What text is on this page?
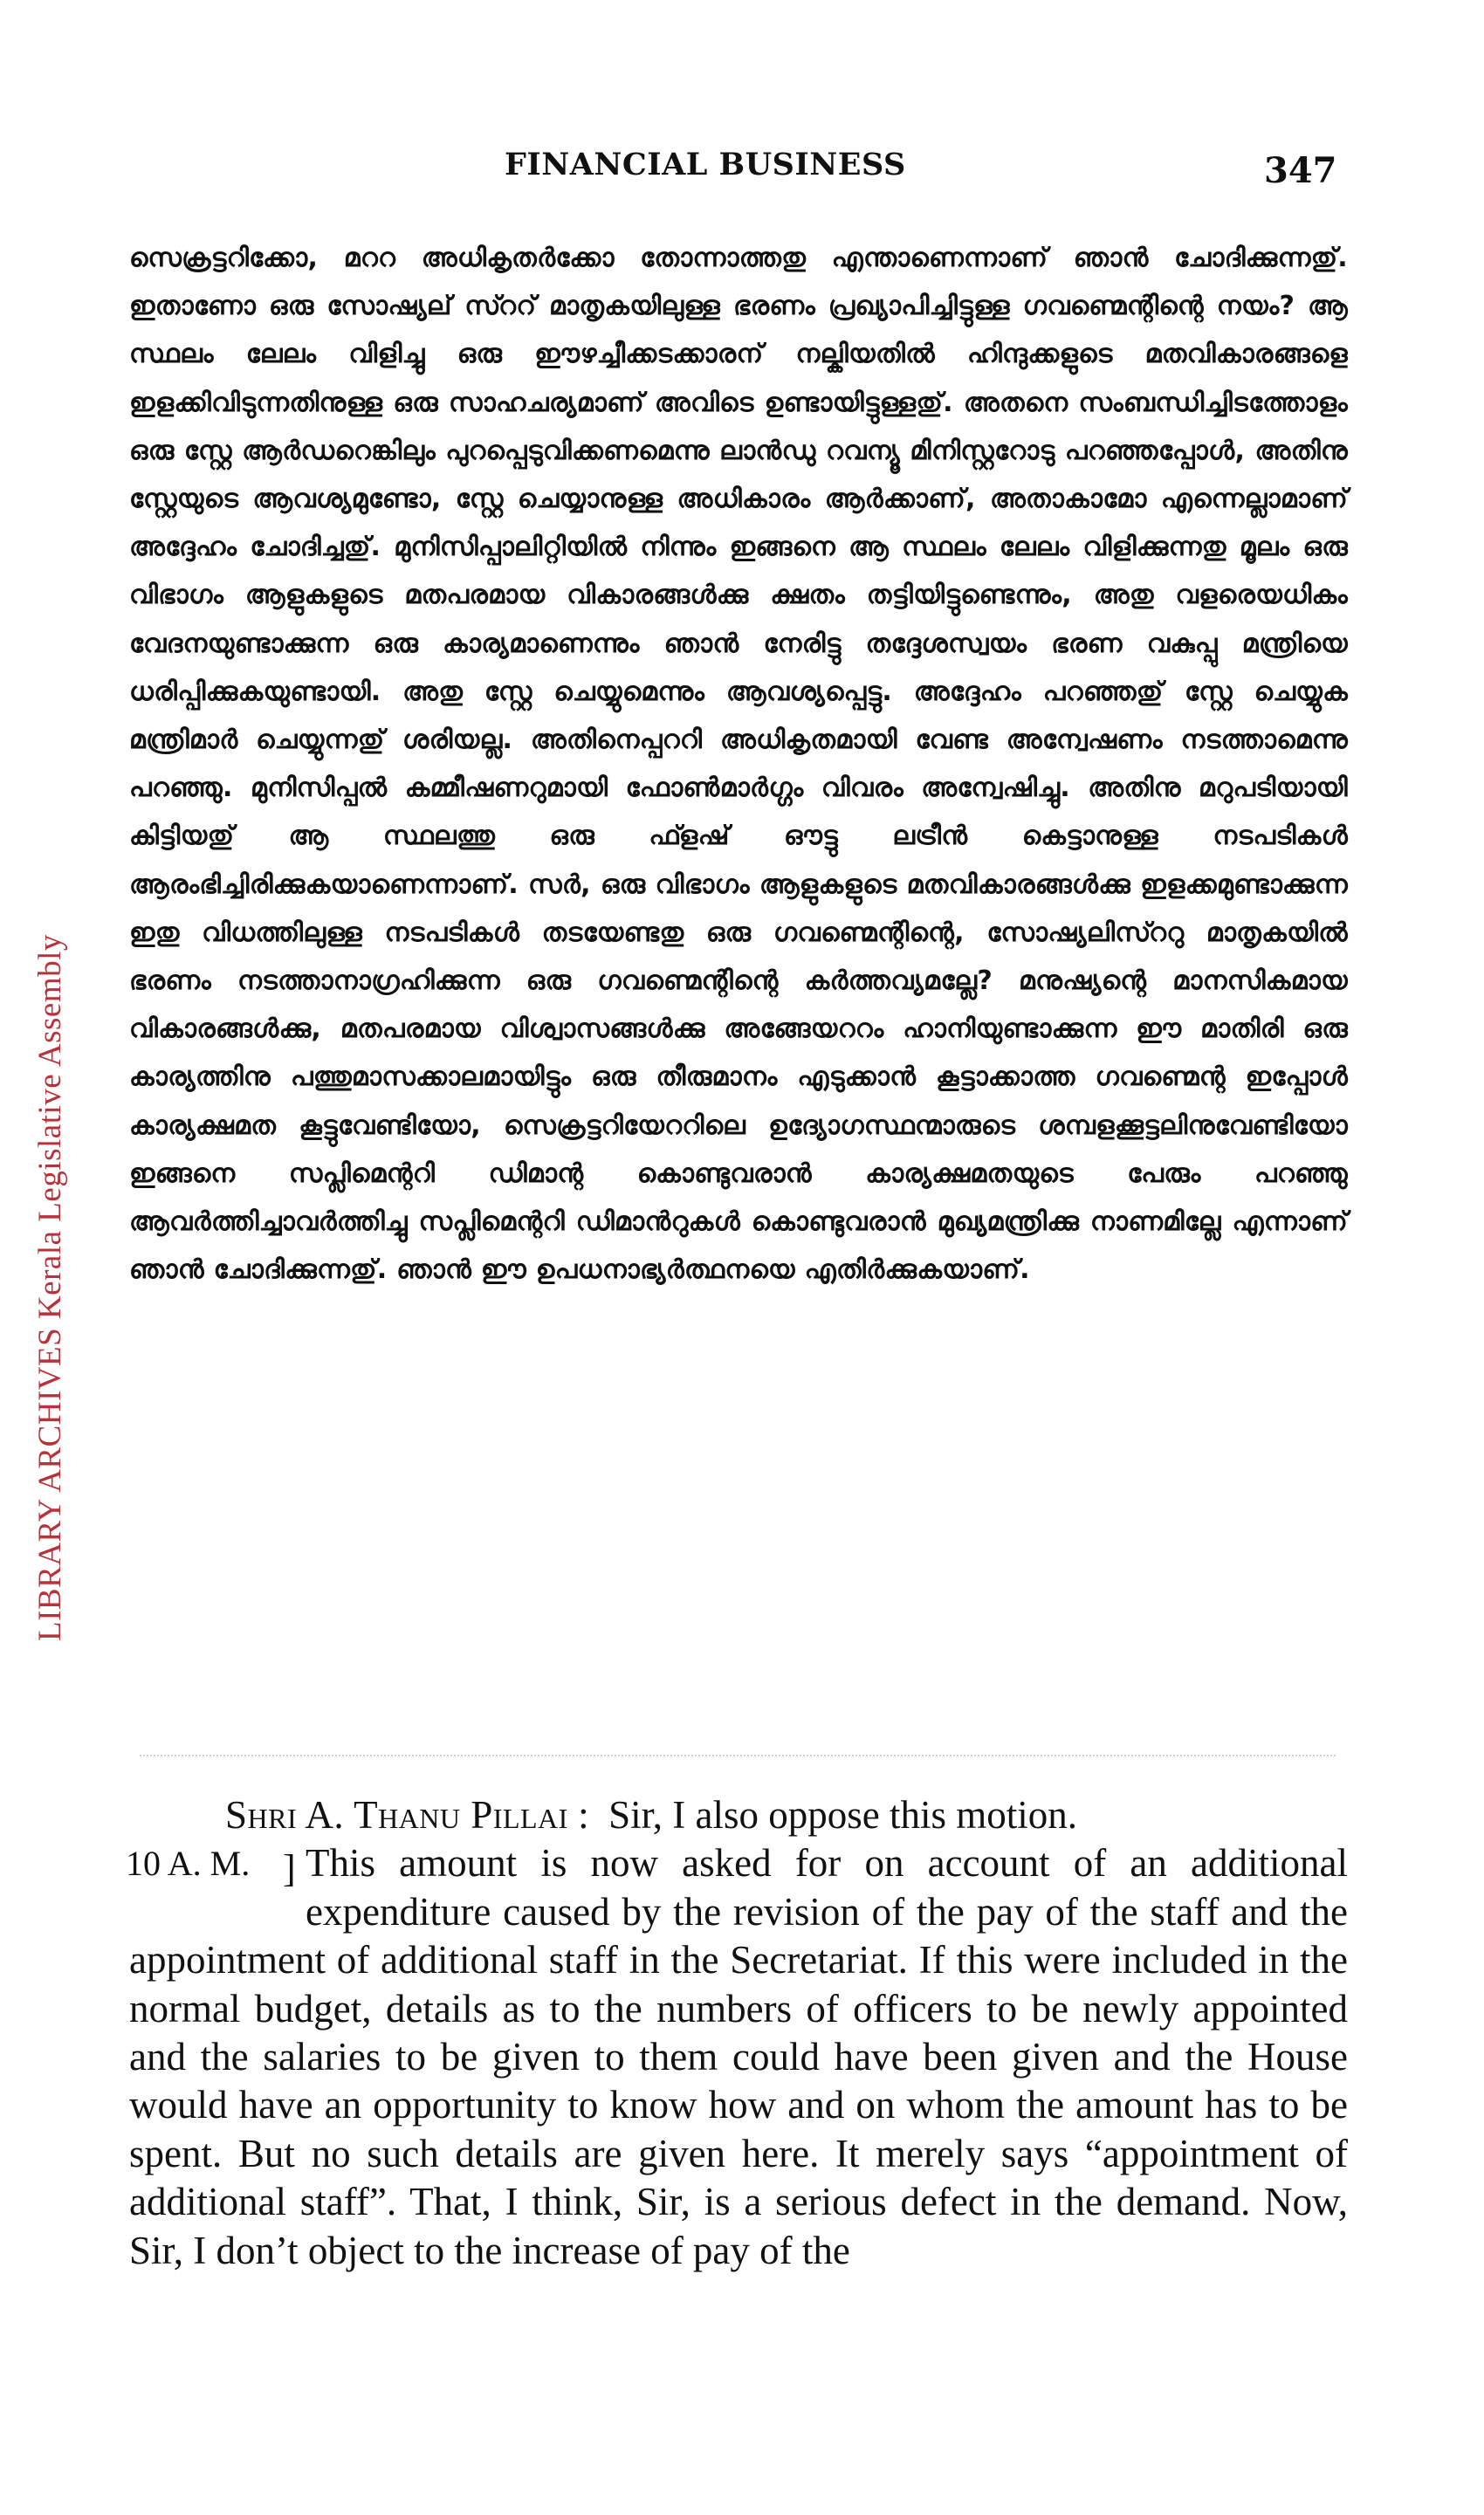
LIBRARY ARCHIVES Kerala Legislative Assembly
FINANCIAL BUSINESS	347

സെക്രട്ടറിക്കോ, മററ അധികൃതർക്കോ തോന്നാത്തതു എന്താണെന്നാണ് ഞാൻ ചോദിക്കുന്നതു്. ഇതാണോ ഒരു സോഷ്യല് സ്ററ് മാതൃകയിലുള്ള ഭരണം പ്രഖ്യാപിച്ചിട്ടുള്ള ഗവണ്മെന്റിന്റെ നയം? ആ സ്ഥലം ലേലം വിളിച്ചു ഒരു ഈഴച്ചീക്കടക്കാരന് നല്കിയതിൽ ഹിന്ദുക്കളുടെ മതവികാരങ്ങളെ ഇളക്കിവിടുന്നതിനുള്ള ഒരു സാഹചര്യമാണ് അവിടെ ഉണ്ടായിട്ടുള്ളതു്. അതനെ സംബന്ധിച്ചിടത്തോളം ഒരു സ്റ്റേ ആർഡറെങ്കിലും പുറപ്പെടുവിക്കണമെന്നു ലാൻഡു റവന്യൂ മിനിസ്റ്ററോടു പറഞ്ഞപ്പോൾ, അതിനു സ്റ്റേയുടെ ആവശ്യമുണ്ടോ, സ്റ്റേ ചെയ്യാനുള്ള അധികാരം ആർക്കാണ്, അതാകാമോ എന്നെല്ലാമാണ് അദ്ദേഹം ചോദിച്ചതു്. മുനിസിപ്പാലിറ്റിയിൽ നിന്നും ഇങ്ങനെ ആ സ്ഥലം ലേലം വിളിക്കുന്നതു മൂലം ഒരു വിഭാഗം ആളുകളുടെ മതപരമായ വികാരങ്ങൾക്കു ക്ഷതം തട്ടിയിട്ടുണ്ടെന്നും, അതു വളരെയധികം വേദനയുണ്ടാക്കുന്ന ഒരു കാര്യമാണെന്നും ഞാൻ നേരിട്ടു തദ്ദേശസ്വയം ഭരണ വകുപ്പു മന്ത്രിയെ ധരിപ്പിക്കുകയുണ്ടായി. അതു സ്റ്റേ ചെയ്യുമെന്നും ആവശ്യപ്പെട്ടു. അദ്ദേഹം പറഞ്ഞതു് സ്റ്റേ ചെയ്യുക മന്ത്രിമാർ ചെയ്യുന്നതു് ശരിയല്ല. അതിനെപ്പററി അധികൃതമായി വേണ്ട അന്വേഷണം നടത്താമെന്നു പറഞ്ഞു. മുനിസിപ്പൽ കമ്മീഷണറുമായി ഫോൺമാർഗ്ഗം വിവരം അന്വേഷിച്ചു. അതിനു മറുപടിയായി കിട്ടിയതു് ആ സ്ഥലത്തു ഒരു ഫ്ളഷ് ഔട്ടു ലട്രീൻ കെട്ടാനുള്ള നടപടികൾ ആരംഭിച്ചിരിക്കുകയാണെന്നാണ്. സർ, ഒരു വിഭാഗം ആളുകളുടെ മതവികാരങ്ങൾക്കു ഇളക്കമുണ്ടാക്കുന്ന ഇതു വിധത്തിലുള്ള നടപടികൾ തടയേണ്ടതു ഒരു ഗവണ്മെന്റിന്റെ, സോഷ്യലിസ്ററു മാതൃകയിൽ ഭരണം നടത്താനാഗ്രഹിക്കുന്ന ഒരു ഗവണ്മെന്റിന്റെ കർത്തവ്യമല്ലേ? മനുഷ്യന്റെ മാനസികമായ വികാരങ്ങൾക്കു, മതപരമായ വിശ്വാസങ്ങൾക്കു അങ്ങേയററം ഹാനിയുണ്ടാക്കുന്ന ഈ മാതിരി ഒരു കാര്യത്തിനു പത്തുമാസക്കാലമായിട്ടും ഒരു തീരുമാനം എടുക്കാൻ കൂട്ടാക്കാത്ത ഗവണ്മെന്റ ഇപ്പോൾ കാര്യക്ഷമത കൂട്ടുവേണ്ടിയോ, സെക്രട്ടറിയേററിലെ ഉദ്യോഗസ്ഥന്മാരുടെ ശമ്പളക്കൂട്ടലിനുവേണ്ടിയോ ഇങ്ങനെ സപ്ലിമെന്ററി ഡിമാന്റ കൊണ്ടുവരാൻ കാര്യക്ഷമതയുടെ പേരും പറഞ്ഞു ആവർത്തിച്ചാവർത്തിച്ചു സപ്ലിമെന്ററി ഡിമാൻറുകൾ കൊണ്ടുവരാൻ മുഖ്യമന്ത്രിക്കു നാണമില്ലേ എന്നാണ് ഞാൻ ചോദിക്കുന്നതു്. ഞാൻ ഈ ഉപധനാഭ്യർത്ഥനയെ എതിർക്കുകയാണ്.

Shri A. Thanu Pillai : Sir, I also oppose this motion.

10 A. M. ] This amount is now asked for on account of an additional expenditure caused by the revision of the pay of the staff and the appointment of additional staff in the Secretariat. If this were included in the normal budget, details as to the numbers of officers to be newly appointed and the salaries to be given to them could have been given and the House would have an opportunity to know how and on whom the amount has to be spent. But no such details are given here. It merely says “appointment of additional staff”. That, I think, Sir, is a serious defect in the demand. Now, Sir, I don’t object to the increase of pay of the
